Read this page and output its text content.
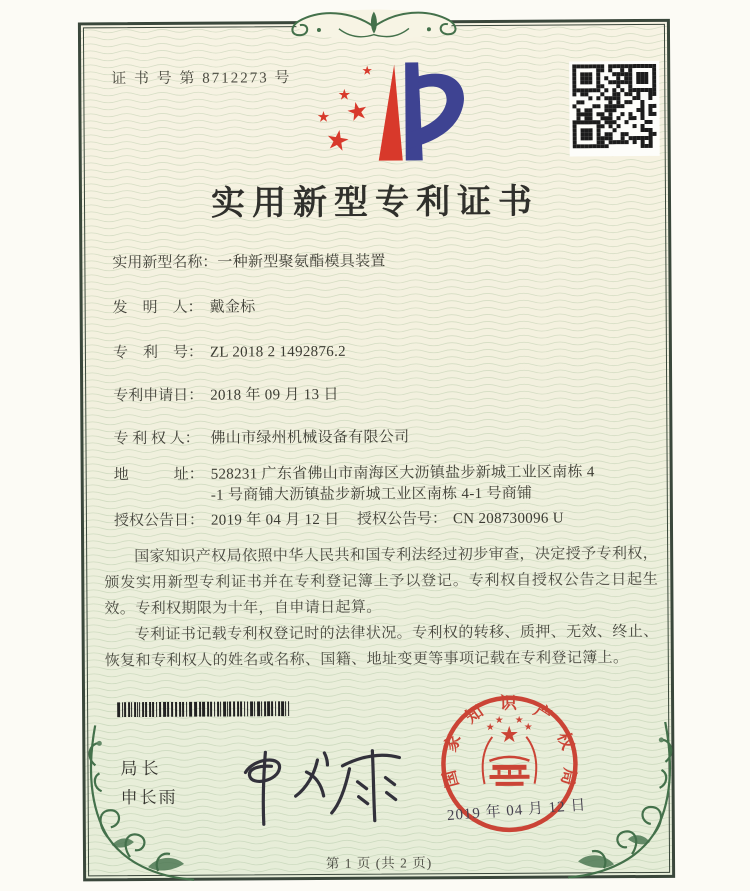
证 书 号 第 8712273 号
实用新型专利证书
实用新型名称： 一种新型聚氨酯模具装置
发　明　人： 戴金标
专　利　号： ZL 2018 2 1492876.2
专利申请日： 2018 年 09 月 13 日
专 利 权 人： 佛山市绿州机械设备有限公司
地　　　址： 528231 广东省佛山市南海区大沥镇盐步新城工业区南栋 4
-1 号商铺大沥镇盐步新城工业区南栋 4-1 号商铺
授权公告日： 2019 年 04 月 12 日 授权公告号： CN 208730096 U

国家知识产权局依照中华人民共和国专利法经过初步审查，决定授予专利权，颁发实用新型专利证书并在专利登记簿上予以登记。专利权自授权公告之日起生效。专利权期限为十年，自申请日起算。

专利证书记载专利权登记时的法律状况。专利权的转移、质押、无效、终止、恢复和专利权人的姓名或名称、国籍、地址变更等事项记载在专利登记簿上。

局长
申长雨
国家知识产权局
2019 年 04 月 12 日
第 1 页 (共 2 页)
